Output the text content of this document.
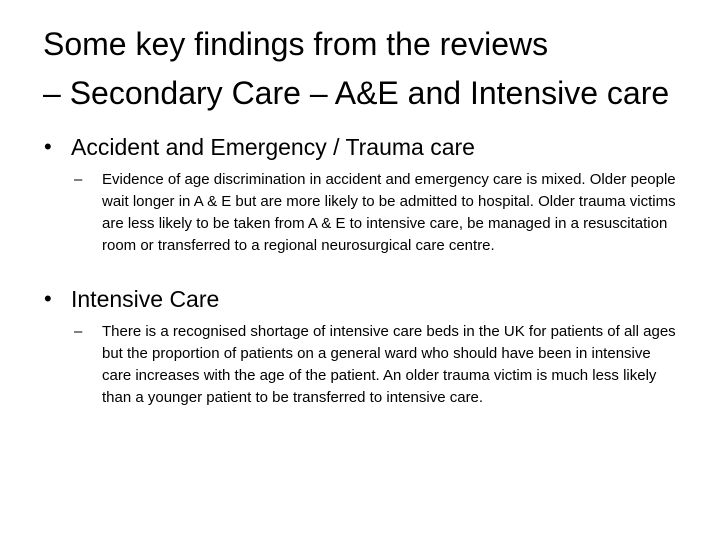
Some key findings from the reviews
– Secondary Care – A&E and Intensive care
• Accident and Emergency / Trauma care
– Evidence of age discrimination in accident and emergency care is mixed. Older people wait longer in A & E but are more likely to be admitted to hospital. Older trauma victims are less likely to be taken from A & E to intensive care, be managed in a resuscitation room or transferred to a regional neurosurgical care centre.

• Intensive Care
– There is a recognised shortage of intensive care beds in the UK for patients of all ages but the proportion of patients on a general ward who should have been in intensive care increases with the age of the patient. An older trauma victim is much less likely than a younger patient to be transferred to intensive care.
